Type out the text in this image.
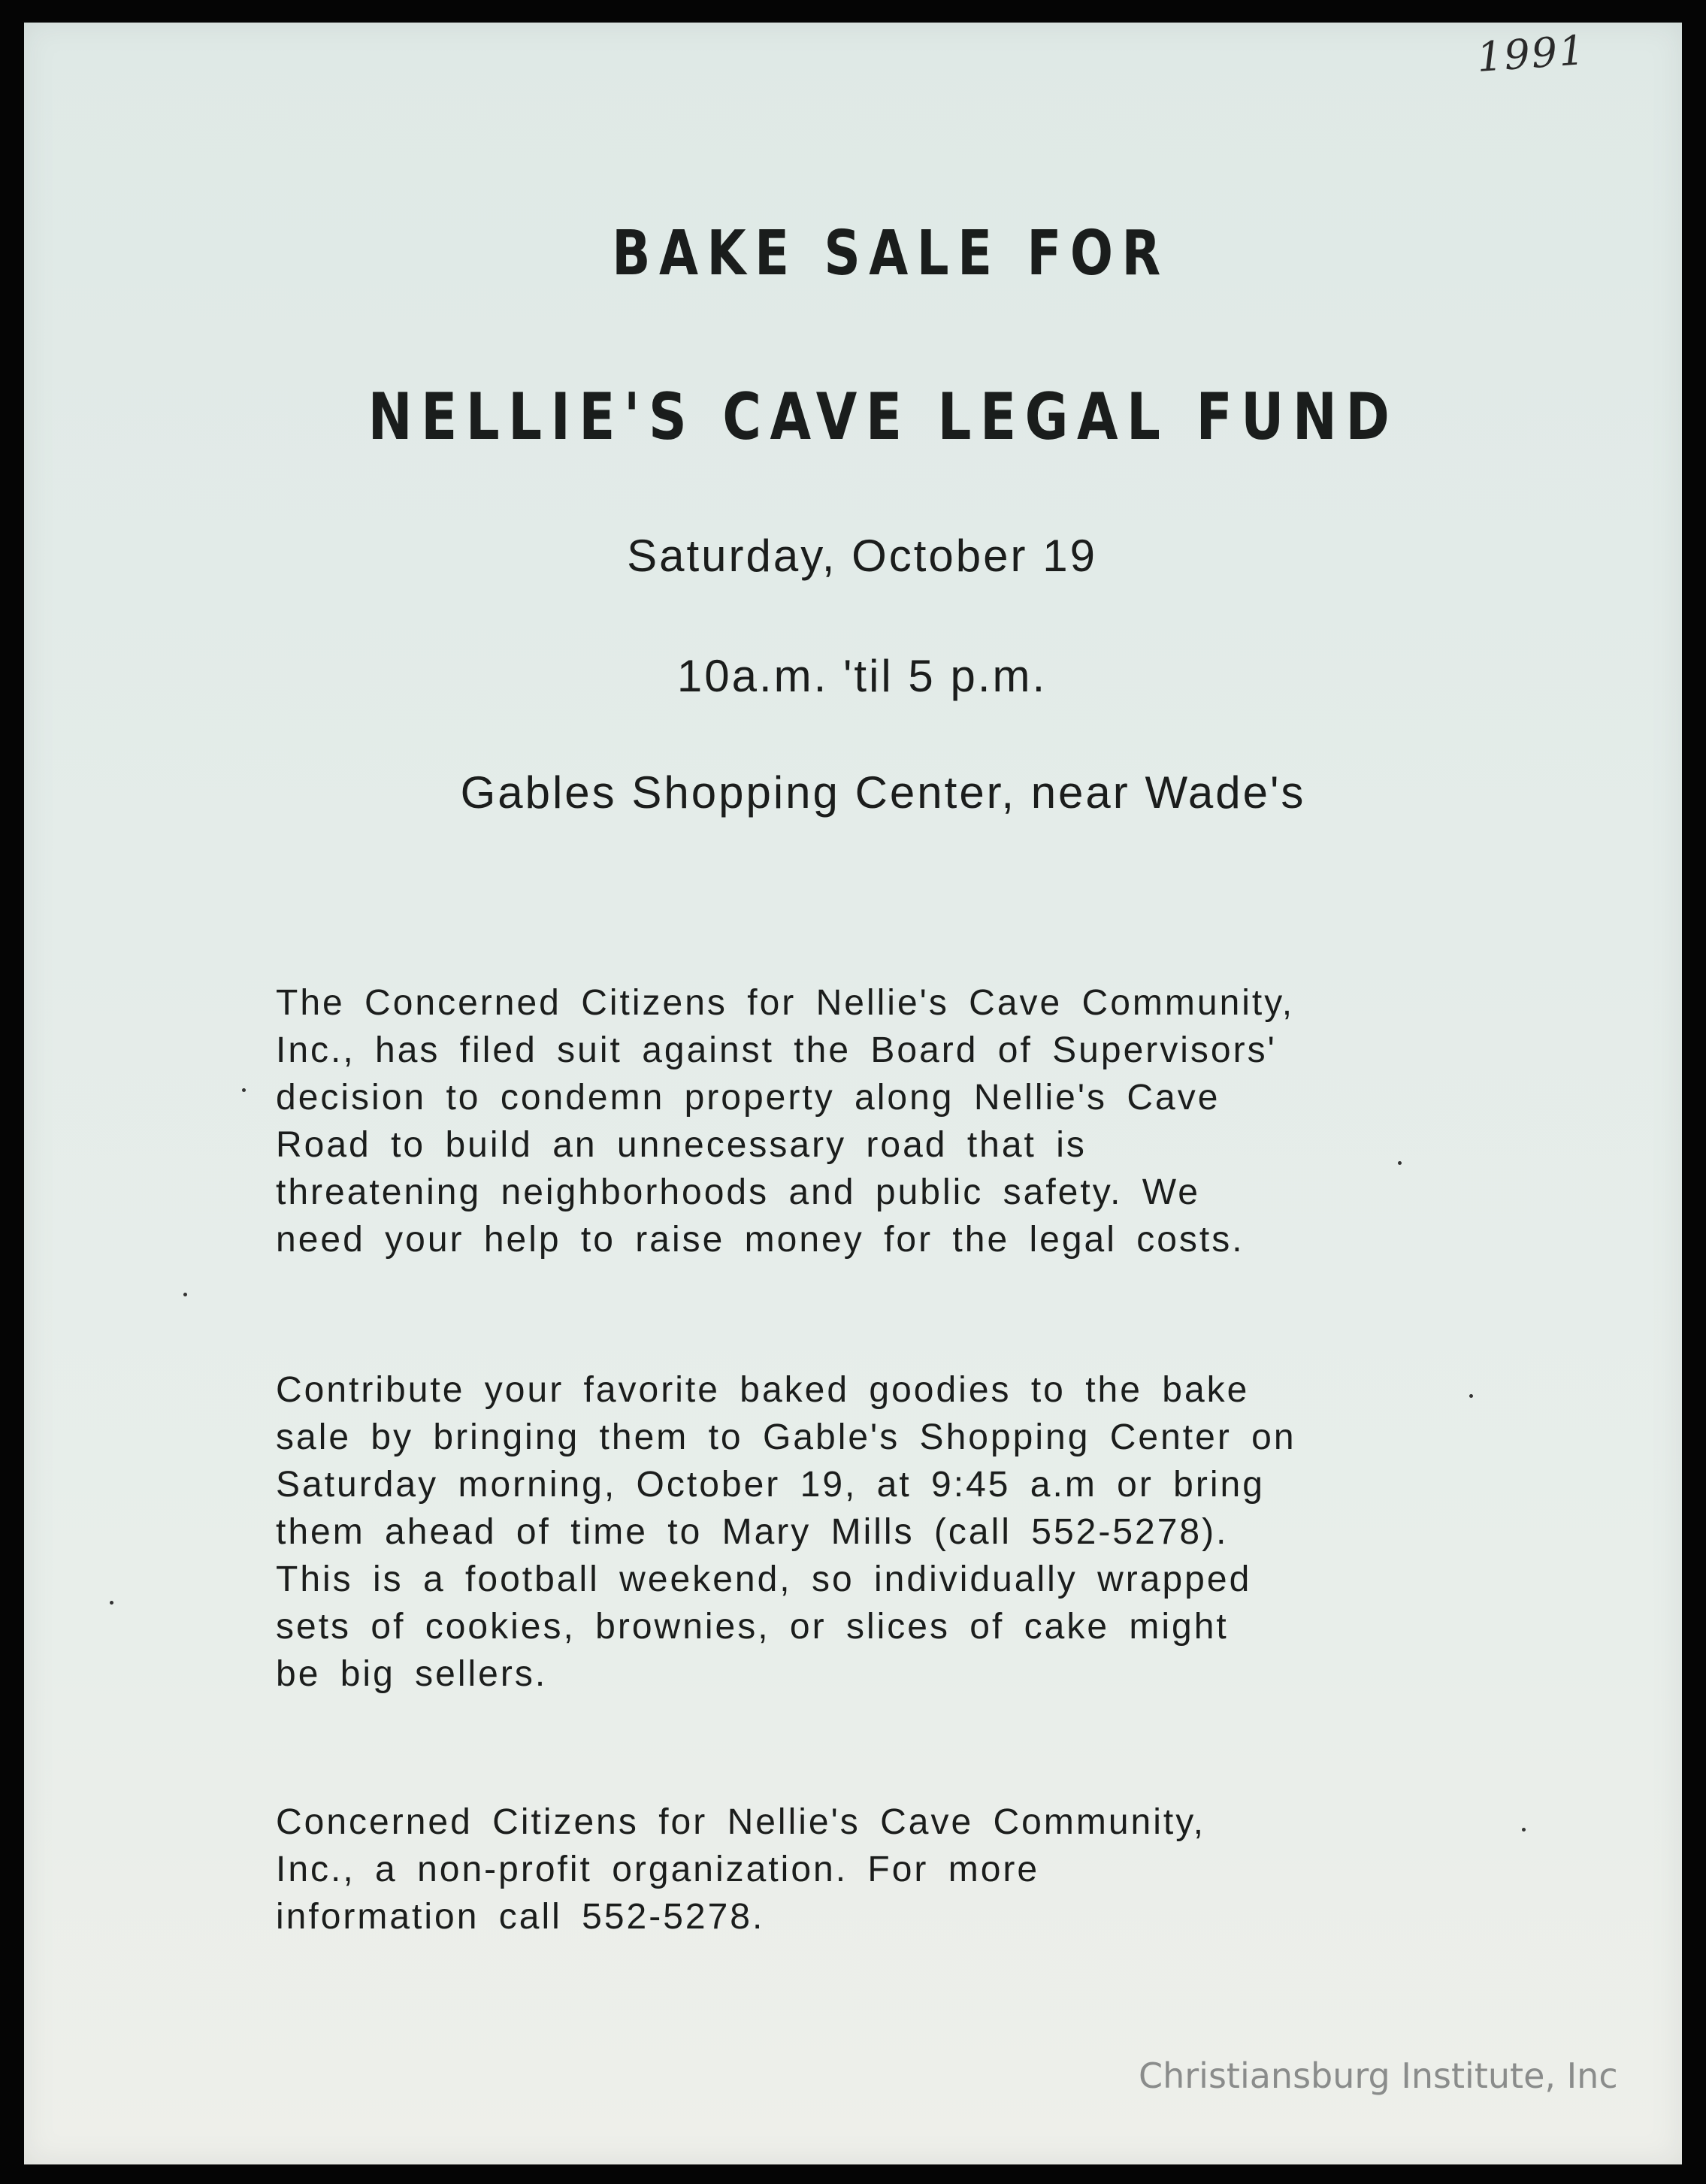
1991
BAKE SALE FOR
NELLIE'S CAVE LEGAL FUND

Saturday, October 19

10a.m. 'til 5 p.m.

Gables Shopping Center, near Wade's

The Concerned Citizens for Nellie's Cave Community,
Inc., has filed suit against the Board of Supervisors'
decision to condemn property along Nellie's Cave
Road to build an unnecessary road that is
threatening neighborhoods and public safety. We
need your help to raise money for the legal costs.
Contribute your favorite baked goodies to the bake
sale by bringing them to Gable's Shopping Center on
Saturday morning, October 19, at 9:45 a.m or bring
them ahead of time to Mary Mills (call 552-5278).
This is a football weekend, so individually wrapped
sets of cookies, brownies, or slices of cake might
be big sellers.
Concerned Citizens for Nellie's Cave Community,
Inc., a non-profit organization. For more
information call 552-5278.

Christiansburg Institute, Inc
